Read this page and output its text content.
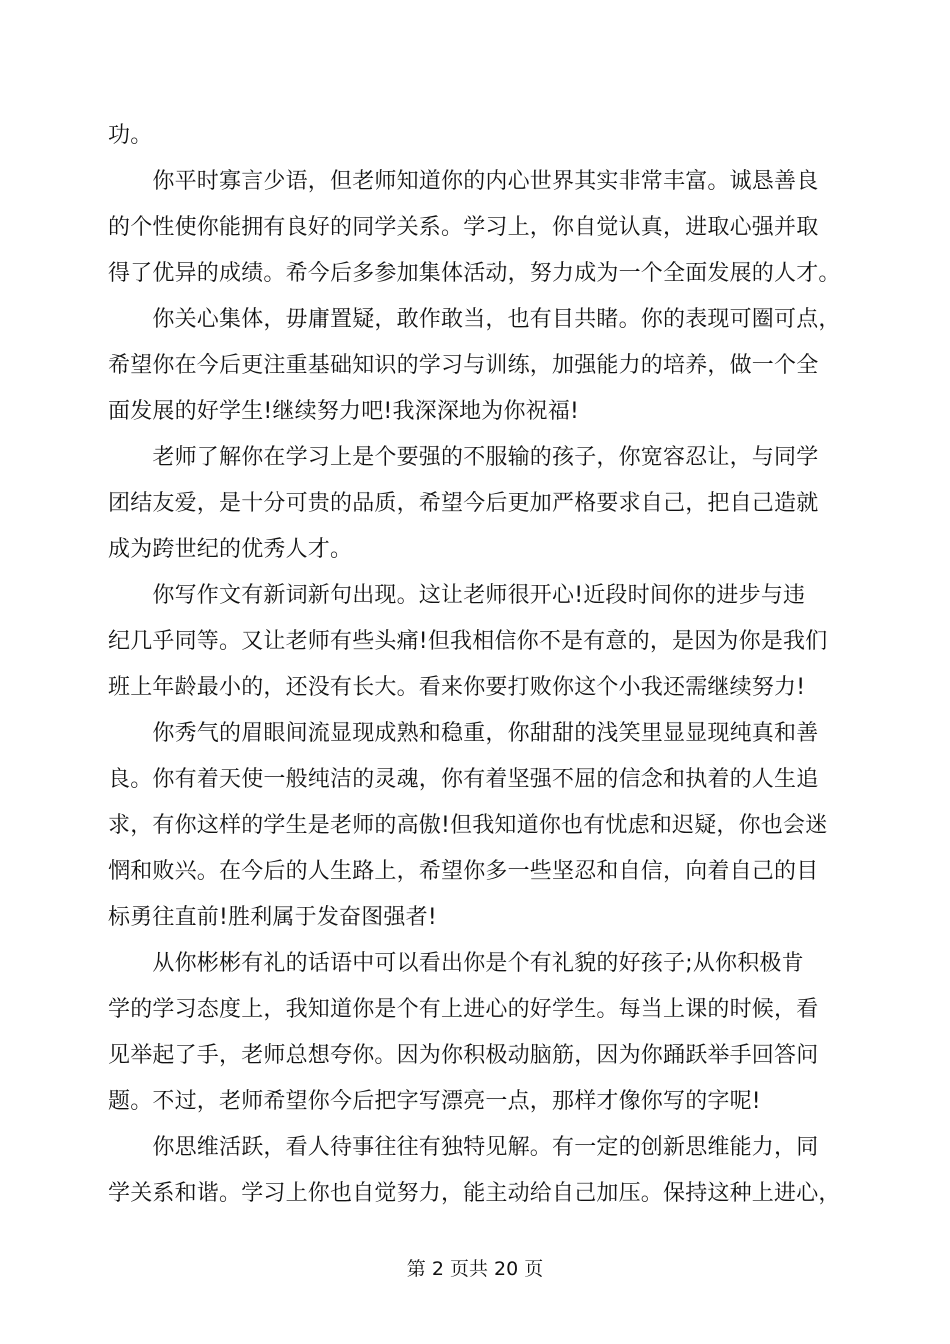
功。
　　你平时寡言少语，但老师知道你的内心世界其实非常丰富。诚恳善良
的个性使你能拥有良好的同学关系。学习上，你自觉认真，进取心强并取
得了优异的成绩。希今后多参加集体活动，努力成为一个全面发展的人才。
　　你关心集体，毋庸置疑，敢作敢当，也有目共睹。你的表现可圈可点，
希望你在今后更注重基础知识的学习与训练，加强能力的培养，做一个全
面发展的好学生!继续努力吧!我深深地为你祝福!
　　老师了解你在学习上是个要强的不服输的孩子，你宽容忍让，与同学
团结友爱，是十分可贵的品质，希望今后更加严格要求自己，把自己造就
成为跨世纪的优秀人才。
　　你写作文有新词新句出现。这让老师很开心!近段时间你的进步与违
纪几乎同等。又让老师有些头痛!但我相信你不是有意的，是因为你是我们
班上年龄最小的，还没有长大。看来你要打败你这个小我还需继续努力!
　　你秀气的眉眼间流显现成熟和稳重，你甜甜的浅笑里显显现纯真和善
良。你有着天使一般纯洁的灵魂，你有着坚强不屈的信念和执着的人生追
求，有你这样的学生是老师的高傲!但我知道你也有忧虑和迟疑，你也会迷
惘和败兴。在今后的人生路上，希望你多一些坚忍和自信，向着自己的目
标勇往直前!胜利属于发奋图强者!
　　从你彬彬有礼的话语中可以看出你是个有礼貌的好孩子;从你积极肯
学的学习态度上，我知道你是个有上进心的好学生。每当上课的时候，看
见举起了手，老师总想夸你。因为你积极动脑筋，因为你踊跃举手回答问
题。不过，老师希望你今后把字写漂亮一点，那样才像你写的字呢!
　　你思维活跃，看人待事往往有独特见解。有一定的创新思维能力，同
学关系和谐。学习上你也自觉努力，能主动给自己加压。保持这种上进心，
第 2 页共 20 页
